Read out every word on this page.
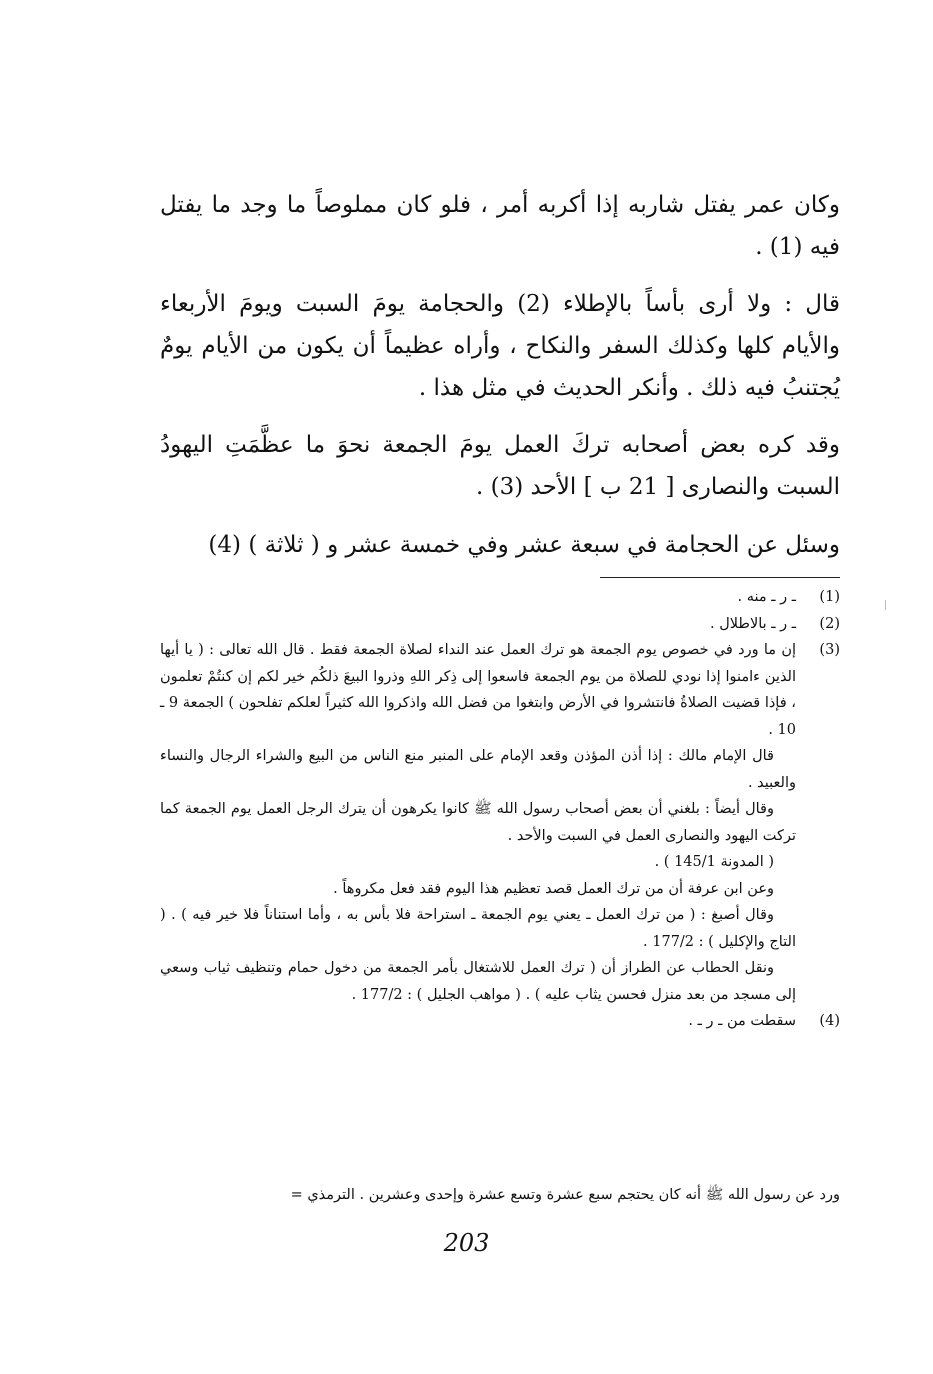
وكان عمر يفتل شاربه إذا أكربه أمر ، فلو كان مملوصاً ما وجد ما يفتل فيه (1) .

قال : ولا أرى بأساً بالإطلاء (2) والحجامة يومَ السبت ويومَ الأربعاء والأيام كلها وكذلك السفر والنكاح ، وأراه عظيماً أن يكون من الأيام يومٌ يُجتنبُ فيه ذلك . وأنكر الحديث في مثل هذا .

وقد كره بعض أصحابه تركَ العمل يومَ الجمعة نحوَ ما عظَّمَتِ اليهودُ السبت والنصارى [ 21 ب ] الأحد (3) .

وسئل عن الحجامة في سبعة عشر وفي خمسة عشر و ( ثلاثة ) (4)

(1)

ـ ر ـ منه .

(2)

ـ ر ـ بالاطلال .

(3)

إن ما ورد في خصوص يوم الجمعة هو ترك العمل عند النداء لصلاة الجمعة فقط . قال الله تعالى : ( يا أيها الذين ءامنوا إذا نودي للصلاة من يوم الجمعة فاسعوا إلى ذِكر اللهِ وذروا البيعَ ذلكُم خير لكم إن كنتُمْ تعلمون ، فإذا قضيت الصلاةُ فانتشروا في الأرض وابتغوا من فضل الله واذكروا الله كثيراً لعلكم تفلحون ) الجمعة 9 ـ 10 .

قال الإمام مالك : إذا أذن المؤذن وقعد الإمام على المنبر منع الناس من البيع والشراء الرجال والنساء والعبيد .

وقال أيضاً : بلغني أن بعض أصحاب رسول الله ﷺ كانوا يكرهون أن يترك الرجل العمل يوم الجمعة كما تركت اليهود والنصارى العمل في السبت والأحد .

( المدونة 145/1 ) .

وعن ابن عرفة أن من ترك العمل قصد تعظيم هذا اليوم فقد فعل مكروهاً .

وقال أصبغ : ( من ترك العمل ـ يعني يوم الجمعة ـ استراحة فلا بأس به ، وأما استناناً فلا خير فيه ) . ( التاج والإكليل ) : 177/2 .

ونقل الحطاب عن الطراز أن ( ترك العمل للاشتغال بأمر الجمعة من دخول حمام وتنظيف ثياب وسعي إلى مسجد من بعد منزل فحسن يثاب عليه ) . ( مواهب الجليل ) : 177/2 .

(4)

سقطت من ـ ر ـ .

ورد عن رسول الله ﷺ أنه كان يحتجم سبع عشرة وتسع عشرة وإحدى وعشرين . الترمذي =
203
